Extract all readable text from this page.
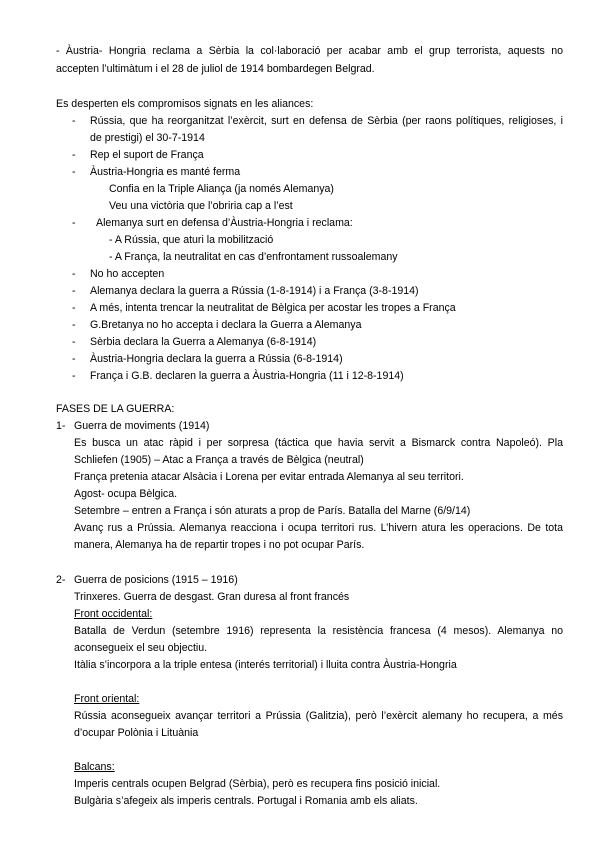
- Àustria- Hongria reclama a Sèrbia la col·laboració per acabar amb el grup terrorista, aquests no
accepten l’ultimàtum i el 28 de juliol de 1914 bombardegen Belgrad.
Es desperten els compromisos signats en les aliances:
- Rússia, que ha reorganitzat l’exèrcit, surt en defensa de Sèrbia (per raons polítiques, religioses, i
de prestigi) el 30-7-1914
- Rep el suport de França
- Àustria-Hongria es manté ferma
Confia en la Triple Aliança (ja només Alemanya)
Veu una victòria que l’obriria cap a l’est
- Alemanya surt en defensa d’Àustria-Hongria i reclama:
- A Rússia, que aturi la mobilització
- A França, la neutralitat en cas d’enfrontament russoalemany
- No ho accepten
- Alemanya declara la guerra a Rússia (1-8-1914) i a França (3-8-1914)
- A més, intenta trencar la neutralitat de Bèlgica per acostar les tropes a França
- G.Bretanya no ho accepta i declara la Guerra a Alemanya
- Sèrbia declara la Guerra a Alemanya (6-8-1914)
- Àustria-Hongria declara la guerra a Rússia (6-8-1914)
- França i G.B. declaren la guerra a Àustria-Hongria (11 i 12-8-1914)
FASES DE LA GUERRA:
1- Guerra de moviments (1914)
Es busca un atac ràpid i per sorpresa (táctica que havia servit a Bismarck contra Napoleó). Pla
Schliefen (1905) – Atac a França a través de Bèlgica (neutral)
França pretenia atacar Alsàcia i Lorena per evitar entrada Alemanya al seu territori.
Agost- ocupa Bèlgica.
Setembre – entren a França i són aturats a prop de París. Batalla del Marne (6/9/14)
Avanç rus a Prússia. Alemanya reacciona i ocupa territori rus. L’hivern atura les operacions. De tota
manera, Alemanya ha de repartir tropes i no pot ocupar París.
2- Guerra de posicions (1915 – 1916)
Trinxeres. Guerra de desgast. Gran duresa al front francés
Front occidental:
Batalla de Verdun (setembre 1916) representa la resistència francesa (4 mesos). Alemanya no
aconsegueix el seu objectiu.
Itàlia s’incorpora a la triple entesa (interés territorial) i lluita contra Àustria-Hongria
Front oriental:
Rússia aconsegueix avançar territori a Prússia (Galitzia), però l’exèrcit alemany ho recupera, a més
d’ocupar Polònia i Lituània
Balcans:
Imperis centrals ocupen Belgrad (Sèrbia), però es recupera fins posició inicial.
Bulgària s’afegeix als imperis centrals. Portugal i Romania amb els aliats.
